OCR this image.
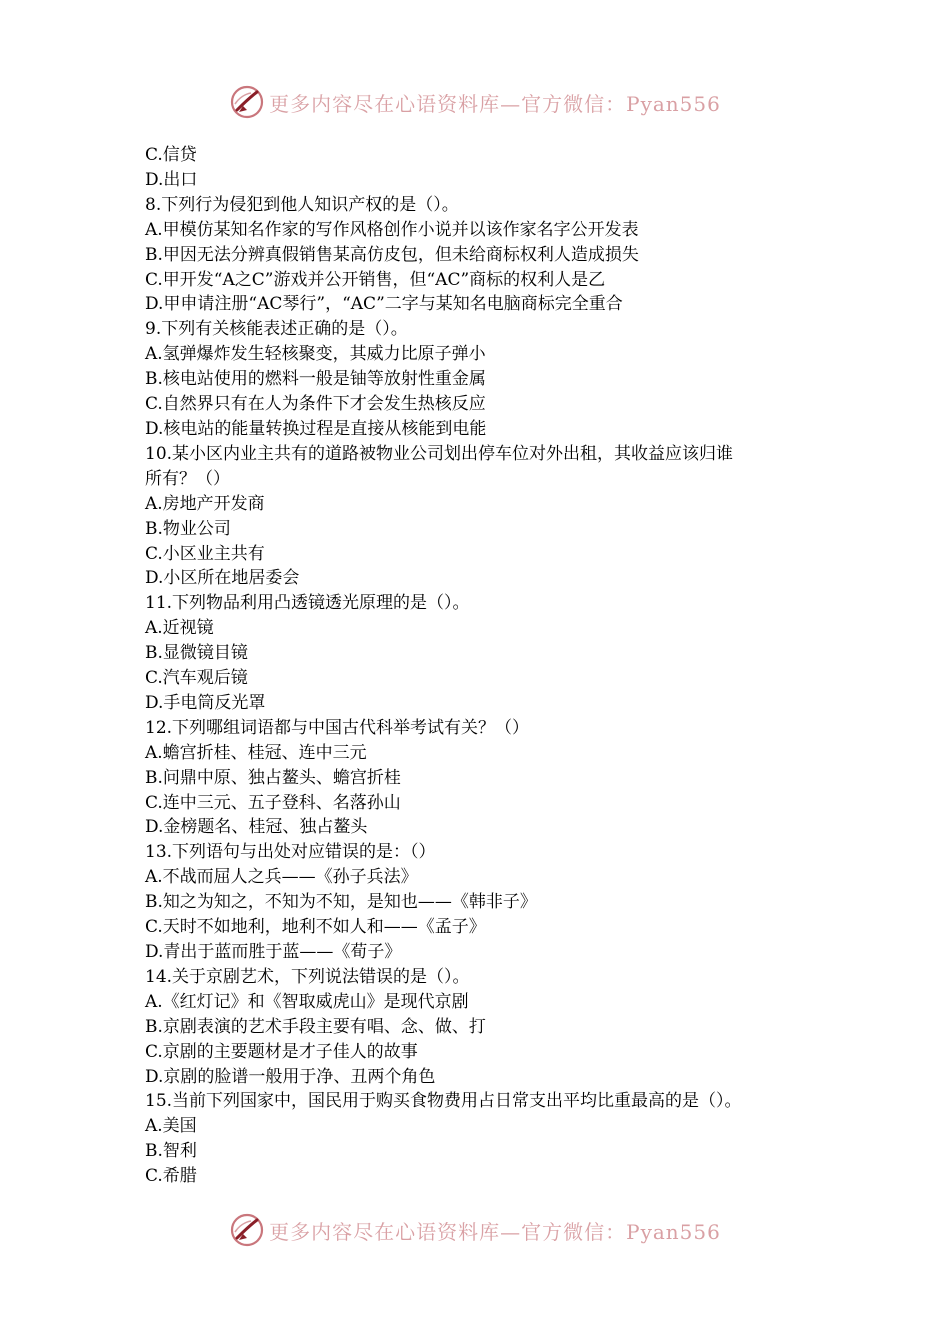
更多内容尽在心语资料库—官方微信：Pyan556

C.信贷

D.出口

8.下列行为侵犯到他人知识产权的是（）。

A.甲模仿某知名作家的写作风格创作小说并以该作家名字公开发表

B.甲因无法分辨真假销售某高仿皮包，但未给商标权利人造成损失

C.甲开发“A之C”游戏并公开销售，但“AC”商标的权利人是乙

D.甲申请注册“AC琴行”，“AC”二字与某知名电脑商标完全重合

9.下列有关核能表述正确的是（）。

A.氢弹爆炸发生轻核聚变，其威力比原子弹小

B.核电站使用的燃料一般是铀等放射性重金属

C.自然界只有在人为条件下才会发生热核反应

D.核电站的能量转换过程是直接从核能到电能

10.某小区内业主共有的道路被物业公司划出停车位对外出租，其收益应该归谁

所有？（）

A.房地产开发商

B.物业公司

C.小区业主共有

D.小区所在地居委会

11.下列物品利用凸透镜透光原理的是（）。

A.近视镜

B.显微镜目镜

C.汽车观后镜

D.手电筒反光罩

12.下列哪组词语都与中国古代科举考试有关？（）

A.蟾宫折桂、桂冠、连中三元

B.问鼎中原、独占鳌头、蟾宫折桂

C.连中三元、五子登科、名落孙山

D.金榜题名、桂冠、独占鳌头

13.下列语句与出处对应错误的是：（）

A.不战而屈人之兵——《孙子兵法》

B.知之为知之，不知为不知，是知也——《韩非子》

C.天时不如地利，地利不如人和——《孟子》

D.青出于蓝而胜于蓝——《荀子》

14.关于京剧艺术，下列说法错误的是（）。

A.《红灯记》和《智取威虎山》是现代京剧

B.京剧表演的艺术手段主要有唱、念、做、打

C.京剧的主要题材是才子佳人的故事

D.京剧的脸谱一般用于净、丑两个角色

15.当前下列国家中，国民用于购买食物费用占日常支出平均比重最高的是（）。

A.美国

B.智利

C.希腊

更多内容尽在心语资料库—官方微信：Pyan556
